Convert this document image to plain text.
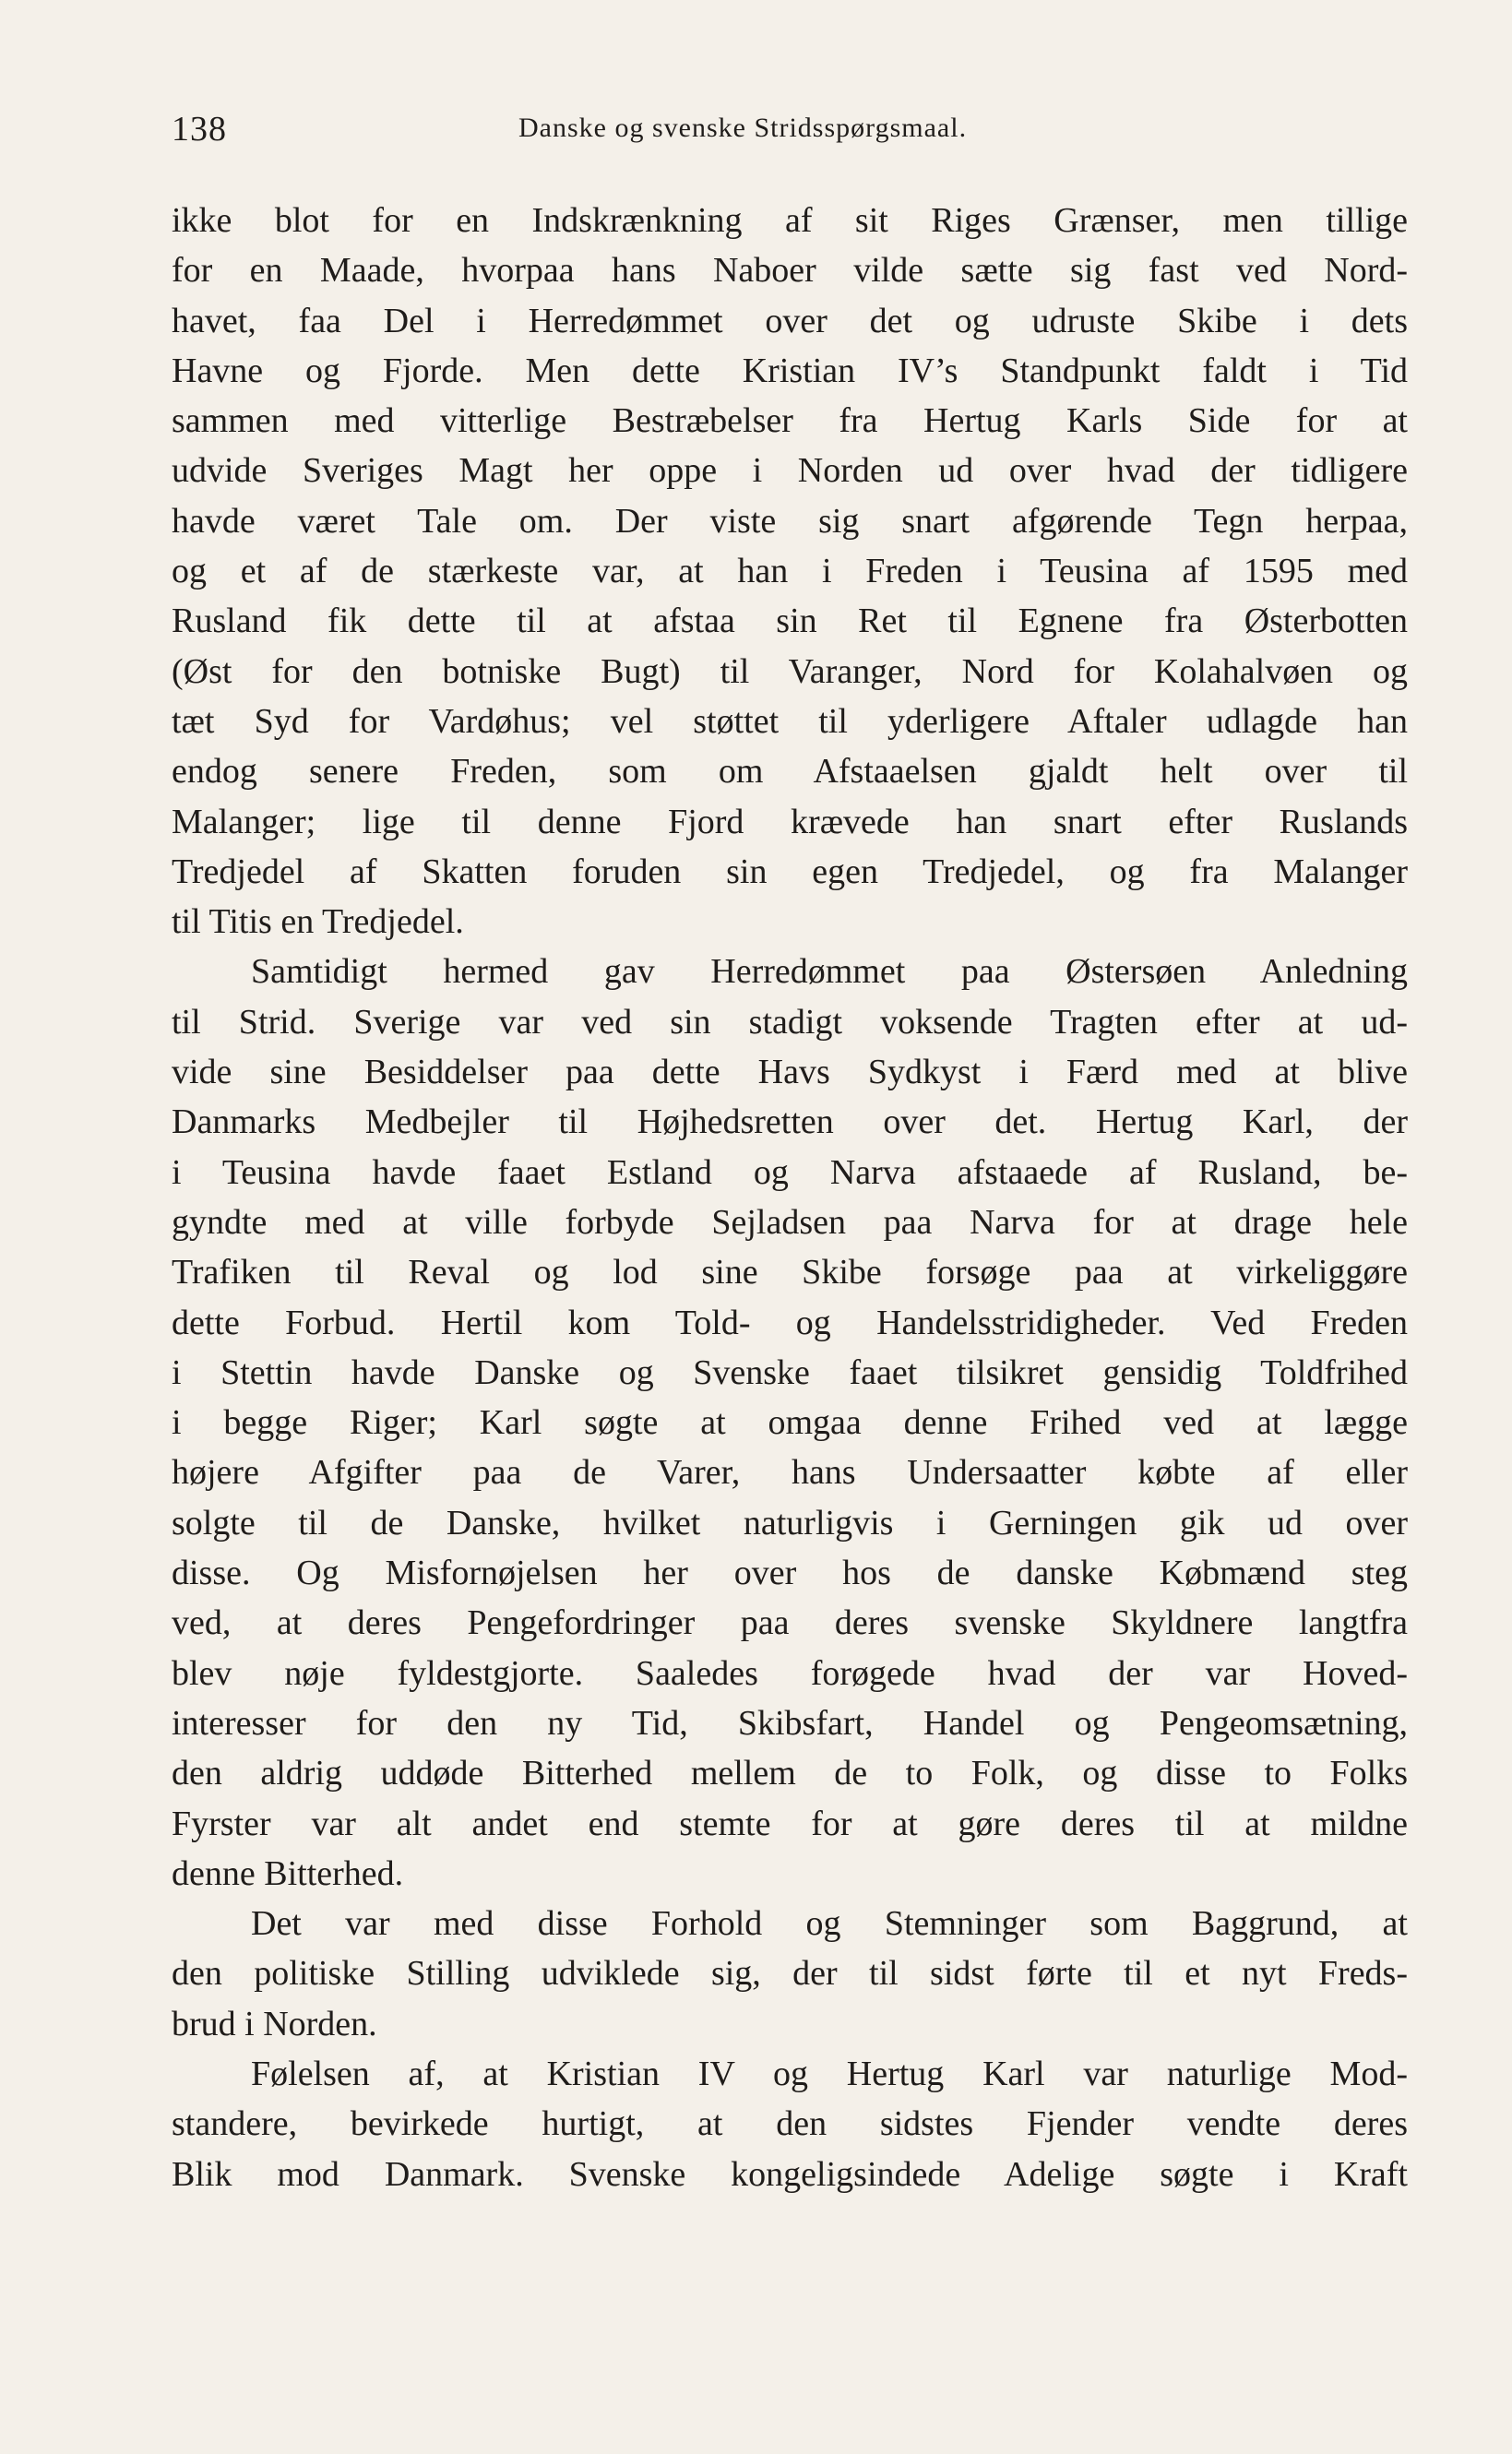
138	Danske og svenske Stridsspørgsmaal.
ikke blot for en Indskrænkning af sit Riges Grænser, men tillige
for en Maade, hvorpaa hans Naboer vilde sætte sig fast ved Nord-
havet, faa Del i Herredømmet over det og udruste Skibe i dets
Havne og Fjorde. Men dette Kristian IV’s Standpunkt faldt i Tid
sammen med vitterlige Bestræbelser fra Hertug Karls Side for at
udvide Sveriges Magt her oppe i Norden ud over hvad der tidligere
havde været Tale om. Der viste sig snart afgørende Tegn herpaa,
og et af de stærkeste var, at han i Freden i Teusina af 1595 med
Rusland fik dette til at afstaa sin Ret til Egnene fra Østerbotten
(Øst for den botniske Bugt) til Varanger, Nord for Kolahalvøen og
tæt Syd for Vardøhus; vel støttet til yderligere Aftaler udlagde han
endog senere Freden, som om Afstaaelsen gjaldt helt over til
Malanger; lige til denne Fjord krævede han snart efter Ruslands
Tredjedel af Skatten foruden sin egen Tredjedel, og fra Malanger
til Titis en Tredjedel.
Samtidigt hermed gav Herredømmet paa Østersøen Anledning
til Strid. Sverige var ved sin stadigt voksende Tragten efter at ud-
vide sine Besiddelser paa dette Havs Sydkyst i Færd med at blive
Danmarks Medbejler til Højhedsretten over det. Hertug Karl, der
i Teusina havde faaet Estland og Narva afstaaede af Rusland, be-
gyndte med at ville forbyde Sejladsen paa Narva for at drage hele
Trafiken til Reval og lod sine Skibe forsøge paa at virkeliggøre
dette Forbud. Hertil kom Told- og Handelsstridigheder. Ved Freden
i Stettin havde Danske og Svenske faaet tilsikret gensidig Toldfrihed
i begge Riger; Karl søgte at omgaa denne Frihed ved at lægge
højere Afgifter paa de Varer, hans Undersaatter købte af eller
solgte til de Danske, hvilket naturligvis i Gerningen gik ud over
disse. Og Misfornøjelsen her over hos de danske Købmænd steg
ved, at deres Pengefordringer paa deres svenske Skyldnere langtfra
blev nøje fyldestgjorte. Saaledes forøgede hvad der var Hoved-
interesser for den ny Tid, Skibsfart, Handel og Pengeomsætning,
den aldrig uddøde Bitterhed mellem de to Folk, og disse to Folks
Fyrster var alt andet end stemte for at gøre deres til at mildne
denne Bitterhed.
Det var med disse Forhold og Stemninger som Baggrund, at
den politiske Stilling udviklede sig, der til sidst førte til et nyt Freds-
brud i Norden.
Følelsen af, at Kristian IV og Hertug Karl var naturlige Mod-
standere, bevirkede hurtigt, at den sidstes Fjender vendte deres
Blik mod Danmark. Svenske kongeligsindede Adelige søgte i Kraft
